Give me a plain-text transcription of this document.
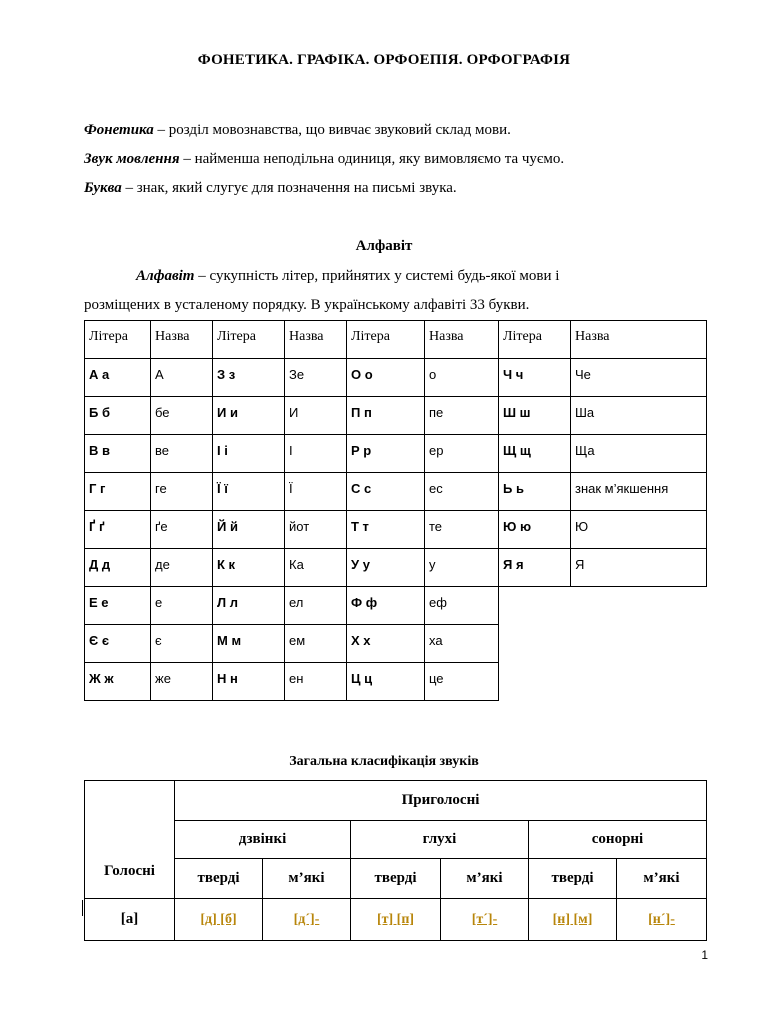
ФОНЕТИКА. ГРАФІКА. ОРФОЕПІЯ. ОРФОГРАФІЯ
Фонетика – розділ мовознавства, що вивчає звуковий склад мови.
Звук мовлення – найменша неподільна одиниця, яку вимовляємо та чуємо.
Буква – знак, який слугує для позначення на письмі звука.
Алфавіт
Алфавіт – сукупність літер, прийнятих у системі будь-якої мови і
розміщених в усталеному порядку. В українському алфавіті 33 букви.
Літера	Назва	Літера	Назва	Літера	Назва	Літера	Назва
А а	А	З з	Зе	О о	о	Ч ч	Че
Б б	бе	И и	И	П п	пе	Ш ш	Ша
В в	ве	І і	І	Р р	ер	Щ щ	Ща
Г г	ге	Ї ї	Ї	С с	ес	Ь ь	знак м’якшення
Ґ ґ	ґе	Й й	йот	Т т	те	Ю ю	Ю
Д д	де	К к	Ка	У у	у	Я я	Я
Е е	е	Л л	ел	Ф ф	еф		
Є є	є	М м	ем	Х х	ха		
Ж ж	же	Н н	ен	Ц ц	це		
Загальна класифікація звуків
Голосні	Приголосні					
	дзвінкі		глухі		сонорні	
	тверді	м’які	тверді	м’які	тверді	м’які
[а]	[д] [б]	[д´]-	[т] [п]	[т´]-	[н] [м]	[н´]-
1
